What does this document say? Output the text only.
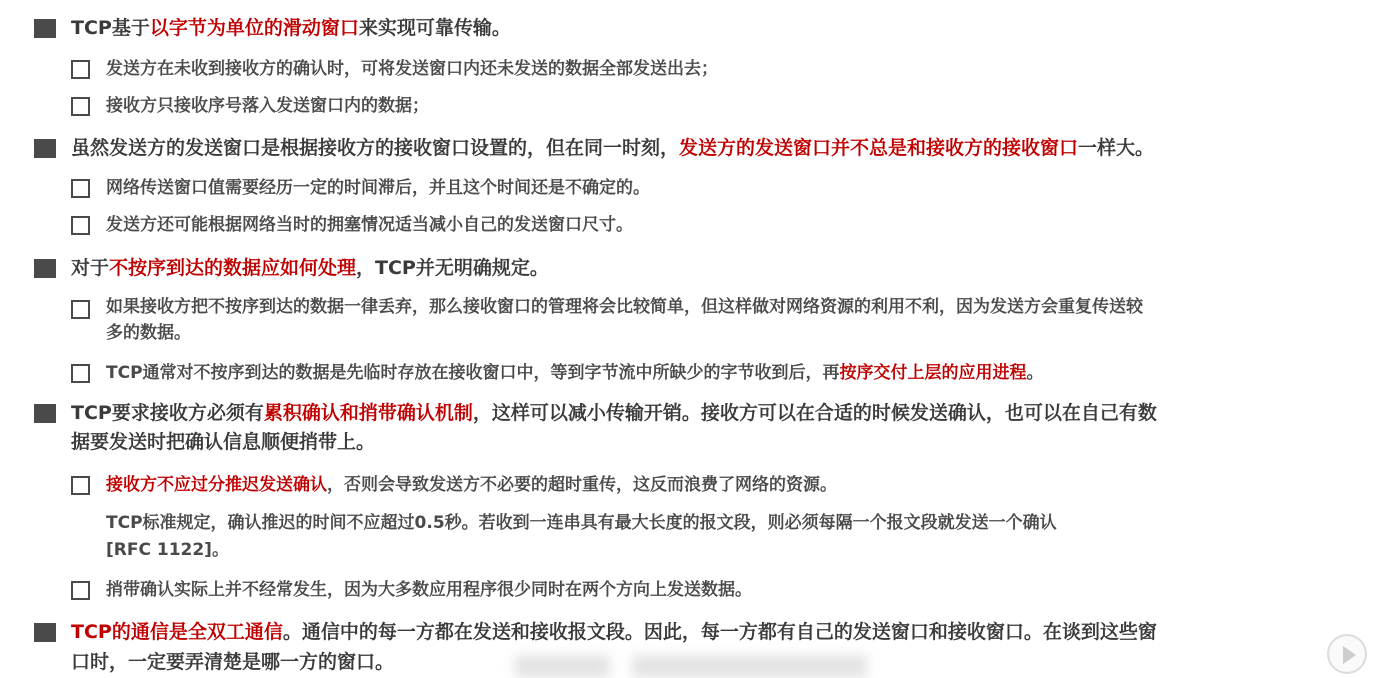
TCP基于以字节为单位的滑动窗口来实现可靠传输。
发送方在未收到接收方的确认时，可将发送窗口内还未发送的数据全部发送出去；
接收方只接收序号落入发送窗口内的数据；
虽然发送方的发送窗口是根据接收方的接收窗口设置的，但在同一时刻，发送方的发送窗口并不总是和接收方的接收窗口一样大。
网络传送窗口值需要经历一定的时间滞后，并且这个时间还是不确定的。
发送方还可能根据网络当时的拥塞情况适当减小自己的发送窗口尺寸。
对于不按序到达的数据应如何处理，TCP并无明确规定。
如果接收方把不按序到达的数据一律丢弃，那么接收窗口的管理将会比较简单，但这样做对网络资源的利用不利，因为发送方会重复传送较
多的数据。
TCP通常对不按序到达的数据是先临时存放在接收窗口中，等到字节流中所缺少的字节收到后，再按序交付上层的应用进程。
TCP要求接收方必须有累积确认和捎带确认机制，这样可以减小传输开销。接收方可以在合适的时候发送确认，也可以在自己有数
据要发送时把确认信息顺便捎带上。
接收方不应过分推迟发送确认，否则会导致发送方不必要的超时重传，这反而浪费了网络的资源。
TCP标准规定，确认推迟的时间不应超过0.5秒。若收到一连串具有最大长度的报文段，则必须每隔一个报文段就发送一个确认
[RFC 1122]。
捎带确认实际上并不经常发生，因为大多数应用程序很少同时在两个方向上发送数据。
TCP的通信是全双工通信。通信中的每一方都在发送和接收报文段。因此，每一方都有自己的发送窗口和接收窗口。在谈到这些窗
口时，一定要弄清楚是哪一方的窗口。
